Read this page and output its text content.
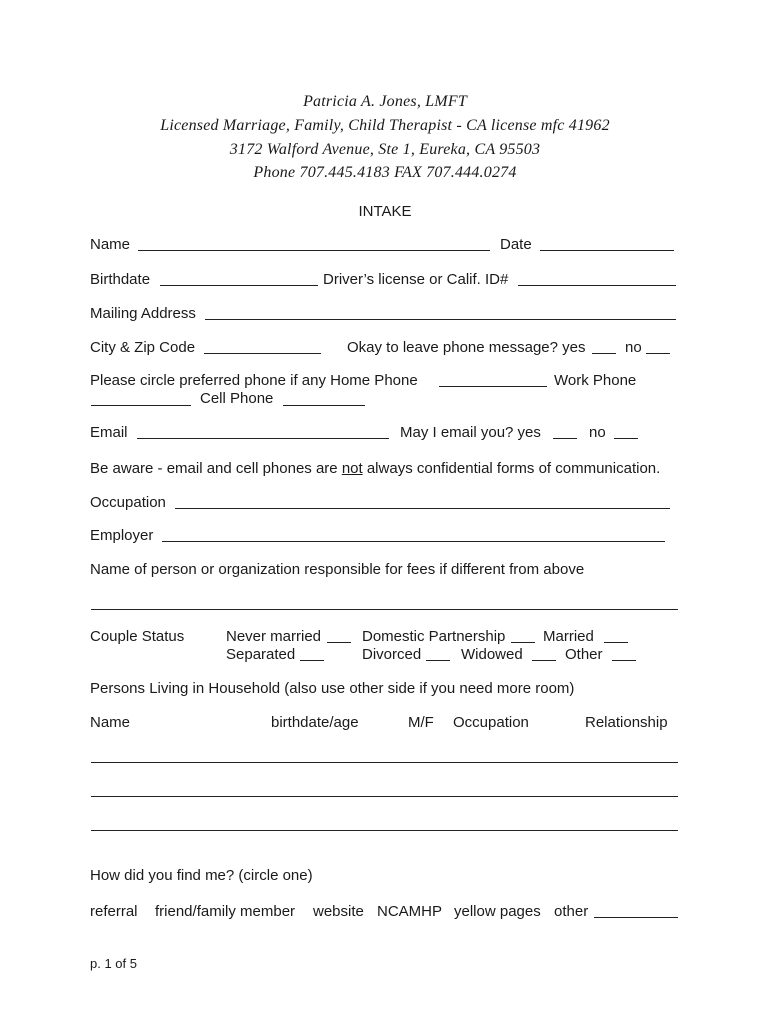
Patricia A. Jones, LMFT
Licensed Marriage, Family, Child Therapist - CA license mfc 41962
3172 Walford Avenue, Ste 1, Eureka, CA 95503
Phone 707.445.4183 FAX 707.444.0274
INTAKE
Name	Date
Birthdate	Driver’s license or Calif. ID#
Mailing Address
City & Zip Code	Okay to leave phone message? yes	no
Please circle preferred phone if any Home Phone	Work Phone
Cell Phone
Email	May I email you? yes	no
Be aware - email and cell phones are not always confidential forms of communication.
Occupation
Employer
Name of person or organization responsible for fees if different from above
Couple Status	Never married	Domestic Partnership	Married
Separated	Divorced	Widowed	Other
Persons Living in Household (also use other side if you need more room)
Name	birthdate/age	M/F Occupation	Relationship
How did you find me? (circle one)
referral friend/family member website NCAMHP yellow pages other
p. 1 of 5
